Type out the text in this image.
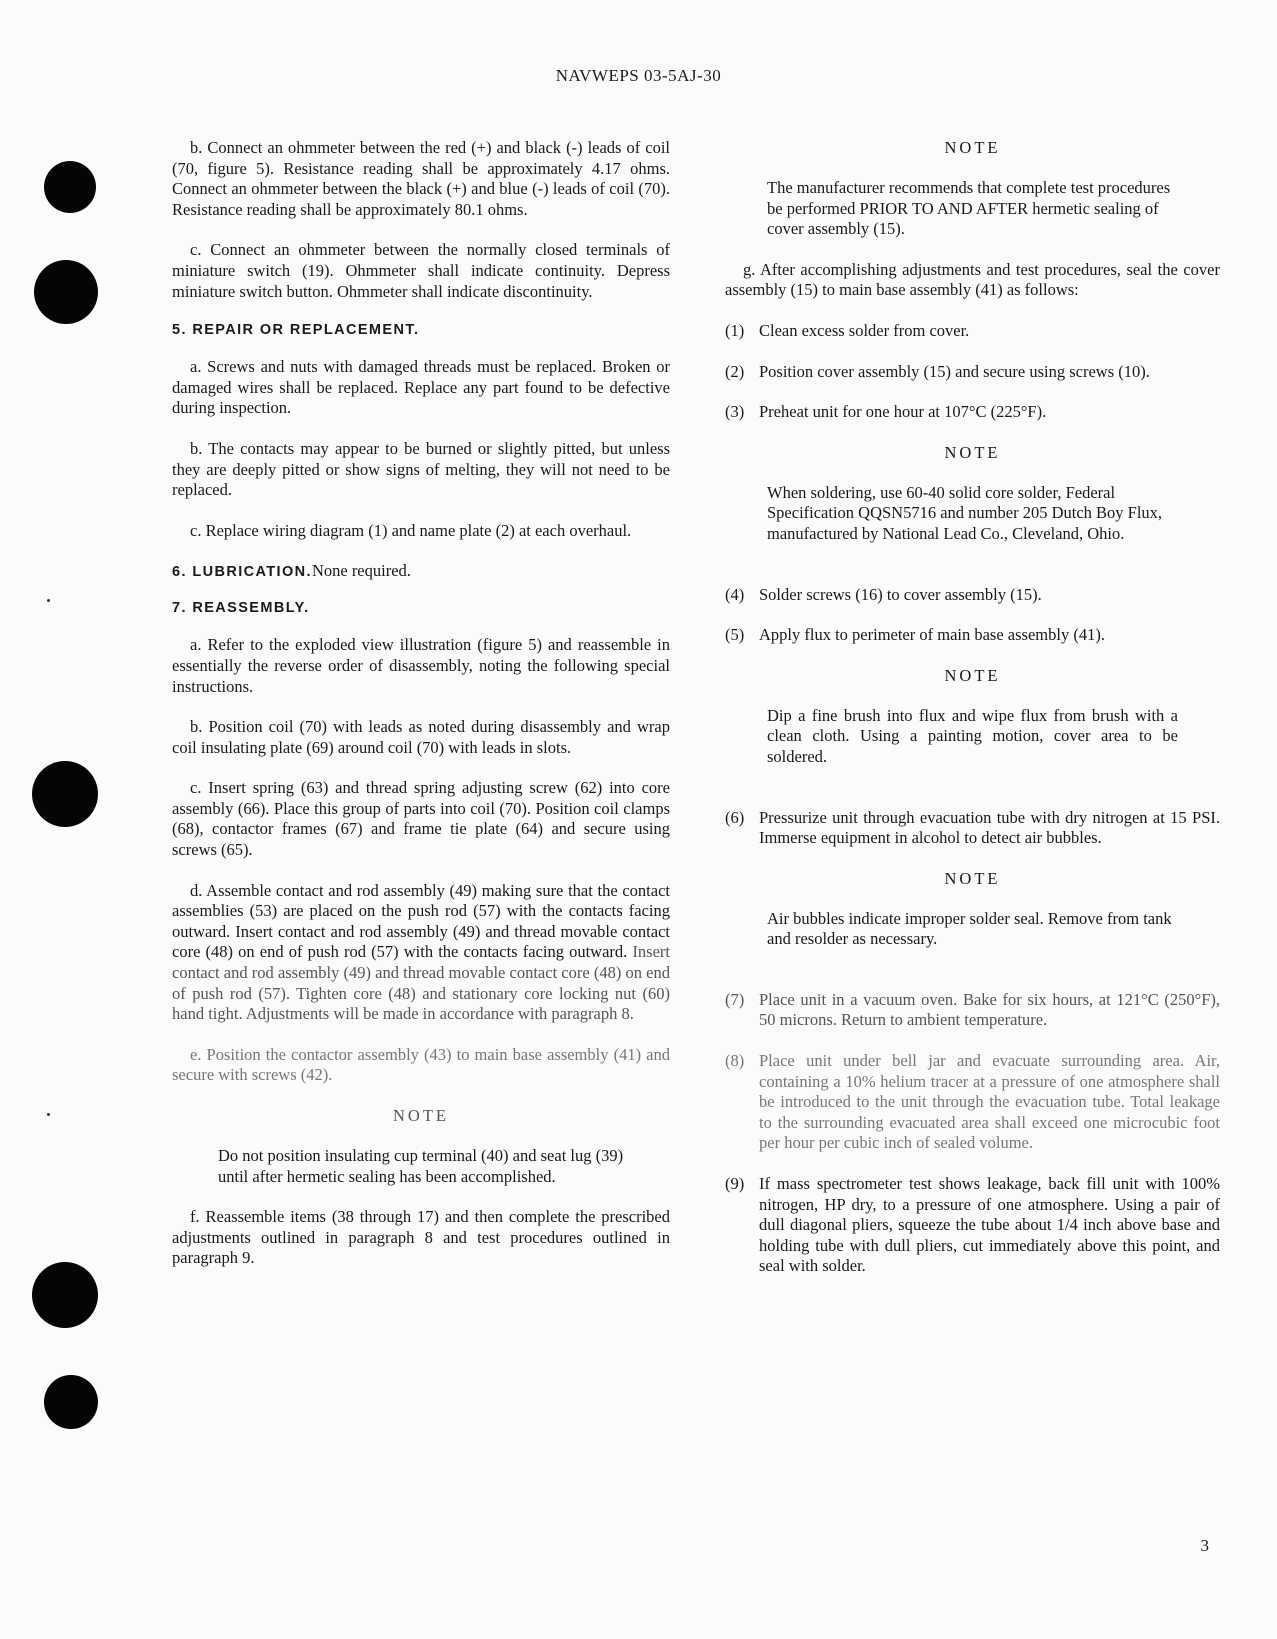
NAVWEPS 03-5AJ-30

b. Connect an ohmmeter between the red (+) and black (-) leads of coil (70, figure 5). Resistance reading shall be approximately 4.17 ohms. Connect an ohmmeter between the black (+) and blue (-) leads of coil (70). Resistance reading shall be approximately 80.1 ohms.

c. Connect an ohmmeter between the normally closed terminals of miniature switch (19). Ohmmeter shall indicate continuity. Depress miniature switch button. Ohmmeter shall indicate discontinuity.

5. REPAIR OR REPLACEMENT.

a. Screws and nuts with damaged threads must be replaced. Broken or damaged wires shall be replaced. Replace any part found to be defective during inspection.

b. The contacts may appear to be burned or slightly pitted, but unless they are deeply pitted or show signs of melting, they will not need to be replaced.

c. Replace wiring diagram (1) and name plate (2) at each overhaul.

6. LUBRICATION.None required.
7. REASSEMBLY.

a. Refer to the exploded view illustration (figure 5) and reassemble in essentially the reverse order of disassembly, noting the following special instructions.

b. Position coil (70) with leads as noted during disassembly and wrap coil insulating plate (69) around coil (70) with leads in slots.

c. Insert spring (63) and thread spring adjusting screw (62) into core assembly (66). Place this group of parts into coil (70). Position coil clamps (68), contactor frames (67) and frame tie plate (64) and secure using screws (65).

d. Assemble contact and rod assembly (49) making sure that the contact assemblies (53) are placed on the push rod (57) with the contacts facing outward. Insert contact and rod assembly (49) and thread movable contact core (48) on end of push rod (57) with the contacts facing outward. Insert contact and rod assembly (49) and thread movable contact core (48) on end of push rod (57). Tighten core (48) and stationary core locking nut (60) hand tight. Adjustments will be made in accordance with paragraph 8.

e. Position the contactor assembly (43) to main base assembly (41) and secure with screws (42).

NOTE

Do not position insulating cup terminal (40) and seat lug (39) until after hermetic sealing has been accomplished.

f. Reassemble items (38 through 17) and then complete the prescribed adjustments outlined in paragraph 8 and test procedures outlined in paragraph 9.

NOTE

The manufacturer recommends that complete test procedures be performed PRIOR TO AND AFTER hermetic sealing of cover assembly (15).

g. After accomplishing adjustments and test procedures, seal the cover assembly (15) to main base assembly (41) as follows:

(1) Clean excess solder from cover.

(2) Position cover assembly (15) and secure using screws (10).

(3) Preheat unit for one hour at 107°C (225°F).

NOTE

When soldering, use 60-40 solid core solder, Federal Specification QQSN5716 and number 205 Dutch Boy Flux, manufactured by National Lead Co., Cleveland, Ohio.

(4) Solder screws (16) to cover assembly (15).

(5) Apply flux to perimeter of main base assembly (41).

NOTE

Dip a fine brush into flux and wipe flux from brush with a clean cloth. Using a painting motion, cover area to be soldered.

(6) Pressurize unit through evacuation tube with dry nitrogen at 15 PSI. Immerse equipment in alcohol to detect air bubbles.

NOTE

Air bubbles indicate improper solder seal. Remove from tank and resolder as necessary.

(7) Place unit in a vacuum oven. Bake for six hours, at 121°C (250°F), 50 microns. Return to ambient temperature.

(8) Place unit under bell jar and evacuate surrounding area. Air, containing a 10% helium tracer at a pressure of one atmosphere shall be introduced to the unit through the evacuation tube. Total leakage to the surrounding evacuated area shall exceed one microcubic foot per hour per cubic inch of sealed volume.

(9) If mass spectrometer test shows leakage, back fill unit with 100% nitrogen, HP dry, to a pressure of one atmosphere. Using a pair of dull diagonal pliers, squeeze the tube about 1/4 inch above base and holding tube with dull pliers, cut immediately above this point, and seal with solder.

3
